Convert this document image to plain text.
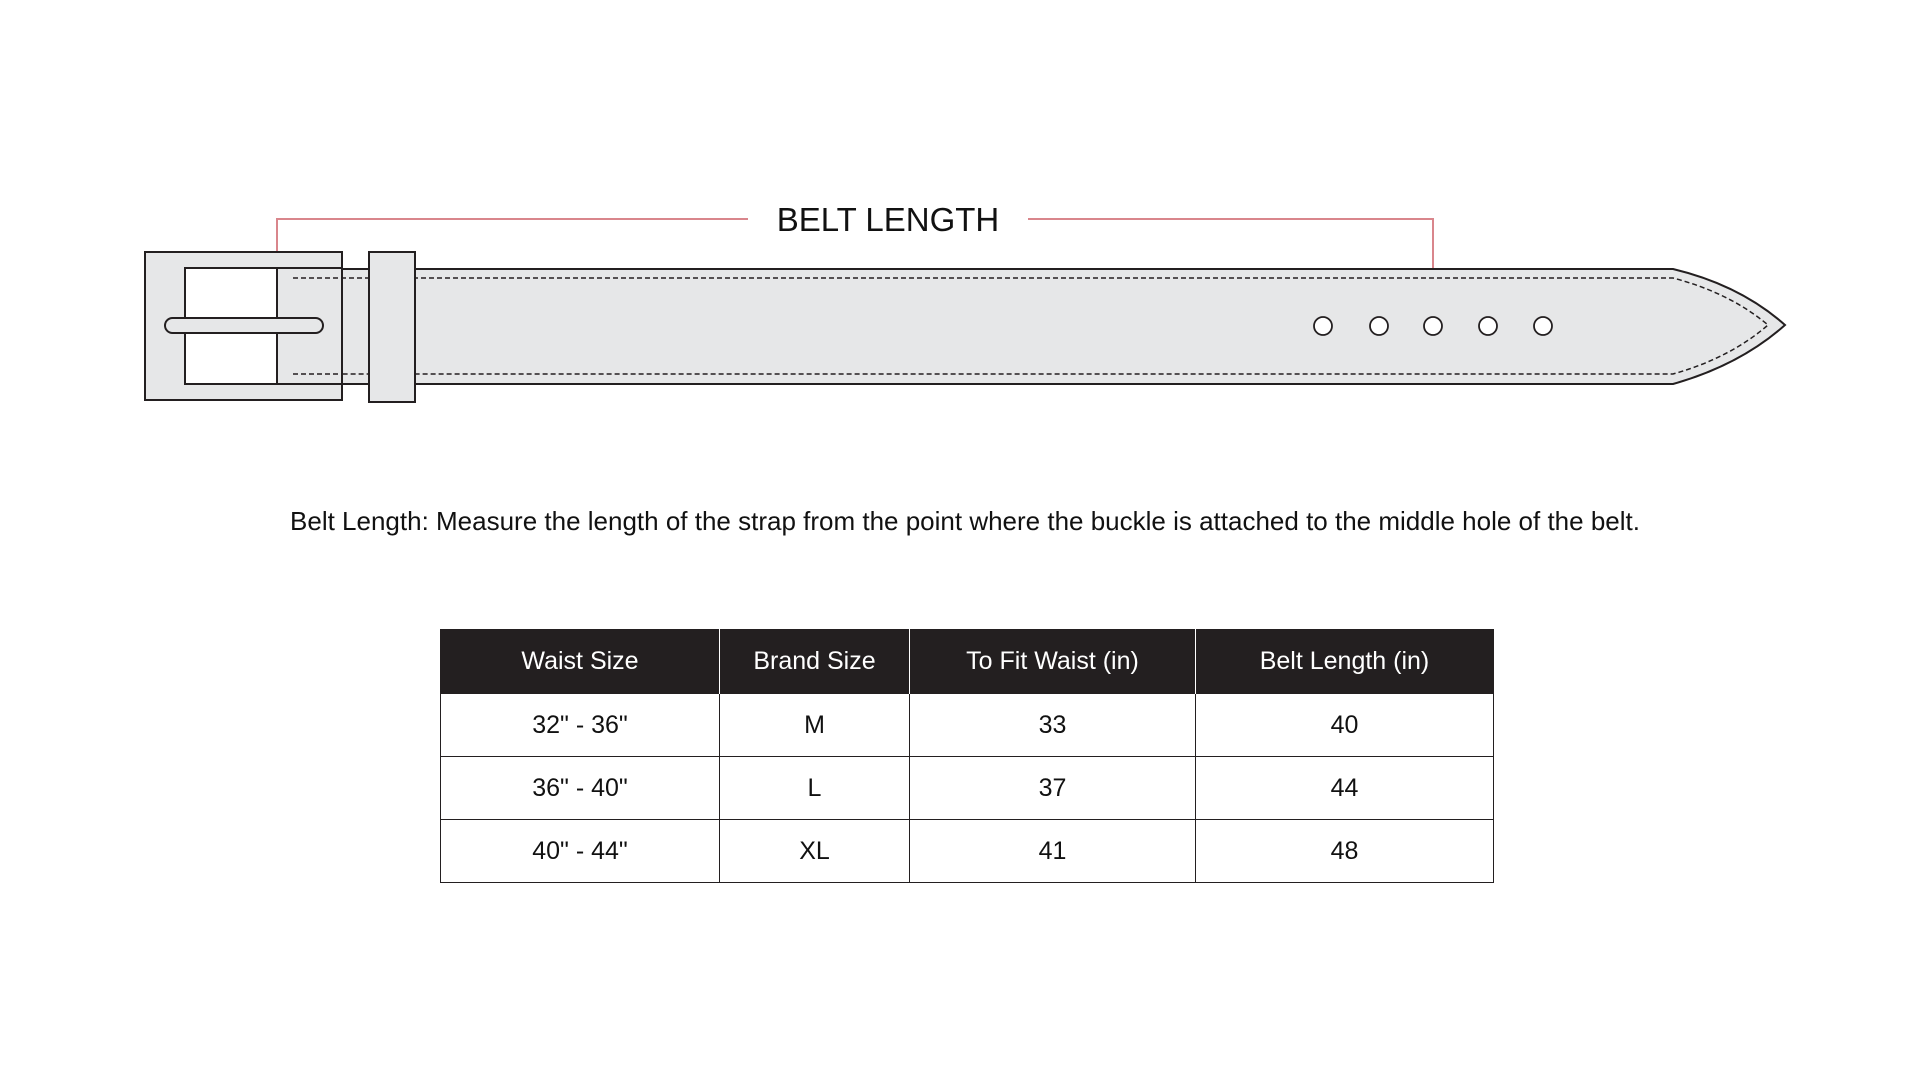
BELT LENGTH

Belt Length: Measure the length of the strap from the point where the buckle is attached to the middle hole of the belt.

Waist Size	Brand Size	To Fit Waist (in)	Belt Length (in)
32" - 36"	M	33	40
36" - 40"	L	37	44
40" - 44"	XL	41	48
